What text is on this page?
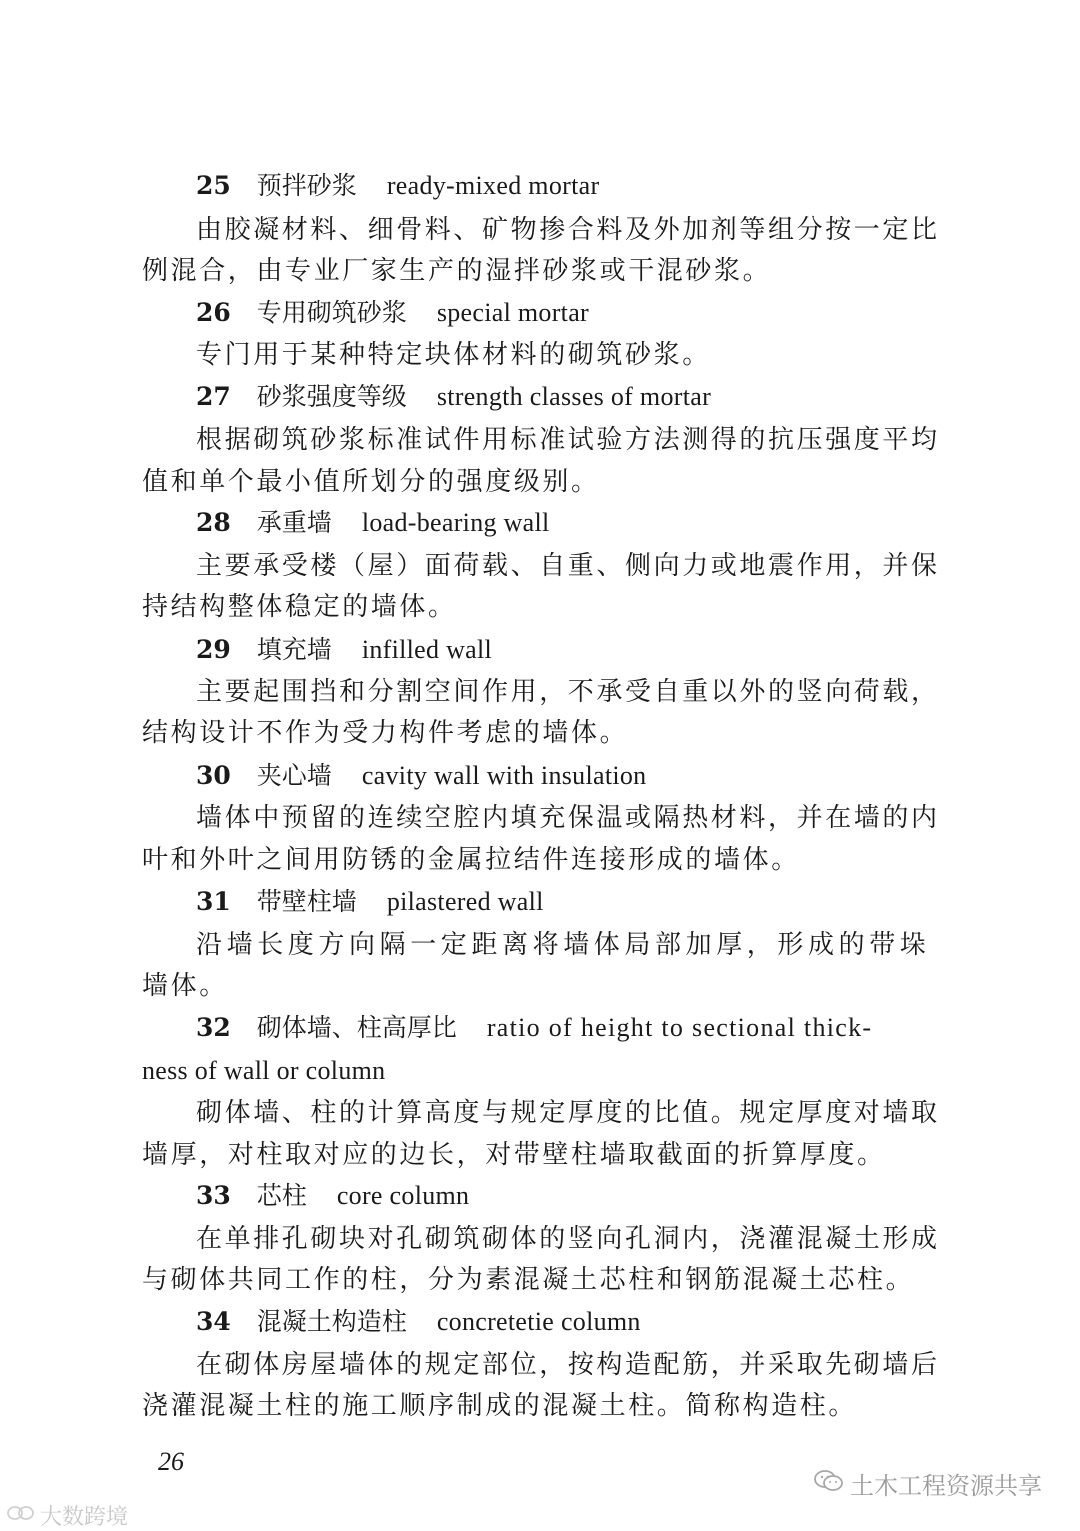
25 预拌砂浆 ready-mixed mortar
由胶凝材料、细骨料、矿物掺合料及外加剂等组分按一定比
例混合，由专业厂家生产的湿拌砂浆或干混砂浆。
26 专用砌筑砂浆 special mortar
专门用于某种特定块体材料的砌筑砂浆。
27 砂浆强度等级 strength classes of mortar
根据砌筑砂浆标准试件用标准试验方法测得的抗压强度平均
值和单个最小值所划分的强度级别。
28 承重墙 load-bearing wall
主要承受楼（屋）面荷载、自重、侧向力或地震作用，并保
持结构整体稳定的墙体。
29 填充墙 infilled wall
主要起围挡和分割空间作用，不承受自重以外的竖向荷载，
结构设计不作为受力构件考虑的墙体。
30 夹心墙 cavity wall with insulation
墙体中预留的连续空腔内填充保温或隔热材料，并在墙的内
叶和外叶之间用防锈的金属拉结件连接形成的墙体。
31 带壁柱墙 pilastered wall
沿墙长度方向隔一定距离将墙体局部加厚，形成的带垛
墙体。
32 砌体墙、柱高厚比 ratio of height to sectional thick-
ness of wall or column
砌体墙、柱的计算高度与规定厚度的比值。规定厚度对墙取
墙厚，对柱取对应的边长，对带壁柱墙取截面的折算厚度。
33 芯柱 core column
在单排孔砌块对孔砌筑砌体的竖向孔洞内，浇灌混凝土形成
与砌体共同工作的柱，分为素混凝土芯柱和钢筋混凝土芯柱。
34 混凝土构造柱 concretetie column
在砌体房屋墙体的规定部位，按构造配筋，并采取先砌墙后
浇灌混凝土柱的施工顺序制成的混凝土柱。简称构造柱。
26
土木工程资源共享
大数跨境
